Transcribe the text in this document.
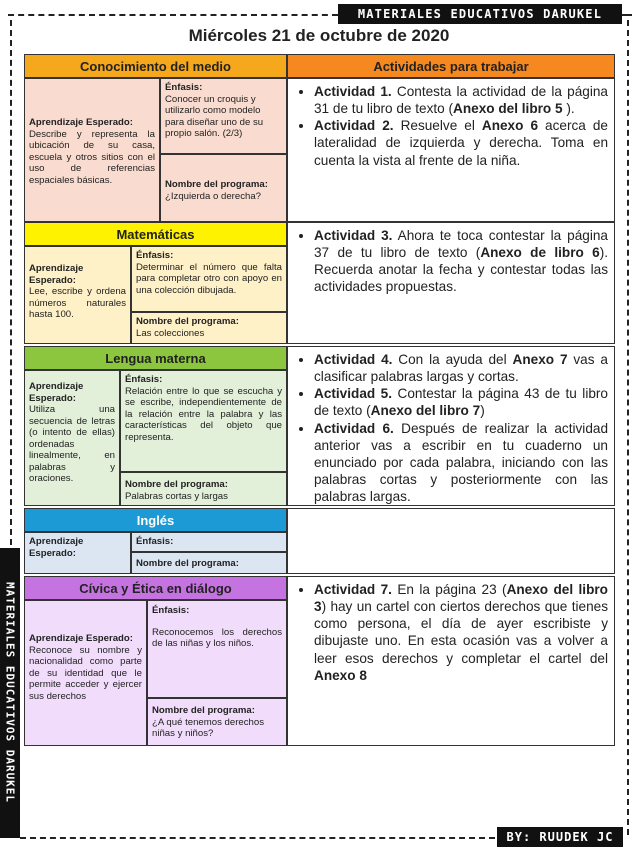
MATERIALES EDUCATIVOS DARUKEL
MATERIALES EDUCATIVOS DARUKEL
BY: RUUDEK JC
Miércoles 21 de octubre de 2020
Conocimiento del medio	Actividades para trabajar
Aprendizaje Esperado:
Describe y representa la ubicación de su casa, escuela y otros sitios con el uso de referencias espaciales básicas.
Énfasis:
Conocer un croquis y utilizarlo como modelo para diseñar uno de su propio salón. (2/3)
Nombre del programa:
¿Izquierda o derecha?
• Actividad 1. Contesta la actividad de la página 31 de tu libro de texto (Anexo del libro 5 ).
• Actividad 2. Resuelve el Anexo 6 acerca de lateralidad de izquierda y derecha. Toma en cuenta la vista al frente de la niña.
Matemáticas
Aprendizaje Esperado:
Lee, escribe y ordena números naturales hasta 100.
Énfasis:
Determinar el número que falta para completar otro con apoyo en una colección dibujada.
Nombre del programa:
Las colecciones
• Actividad 3. Ahora te toca contestar la página 37 de tu libro de texto (Anexo de libro 6). Recuerda anotar la fecha y contestar todas las actividades propuestas.
Lengua materna
Aprendizaje Esperado:
Utiliza una secuencia de letras (o intento de ellas) ordenadas linealmente, en palabras y oraciones.
Énfasis:
Relación entre lo que se escucha y se escribe, independientemente de la relación entre la palabra y las características del objeto que representa.
Nombre del programa:
Palabras cortas y largas
• Actividad 4. Con la ayuda del Anexo 7 vas a clasificar palabras largas y cortas.
• Actividad 5. Contestar la página 43 de tu libro de texto (Anexo del libro 7)
• Actividad 6. Después de realizar la actividad anterior vas a escribir en tu cuaderno un enunciado por cada palabra, iniciando con las palabras cortas y posteriormente con las palabras largas.
Inglés
Aprendizaje Esperado:
Énfasis:
Nombre del programa:
Cívica y Ética en diálogo
Aprendizaje Esperado:
Reconoce su nombre y nacionalidad como parte de su identidad que le permite acceder y ejercer sus derechos
Énfasis:
Reconocemos los derechos de las niñas y los niños.
Nombre del programa:
¿A qué tenemos derechos niñas y niños?
• Actividad 7. En la página 23 (Anexo del libro 3) hay un cartel con ciertos derechos que tienes como persona, el día de ayer escribiste y dibujaste uno. En esta ocasión vas a volver a leer esos derechos y completar el cartel del Anexo 8
